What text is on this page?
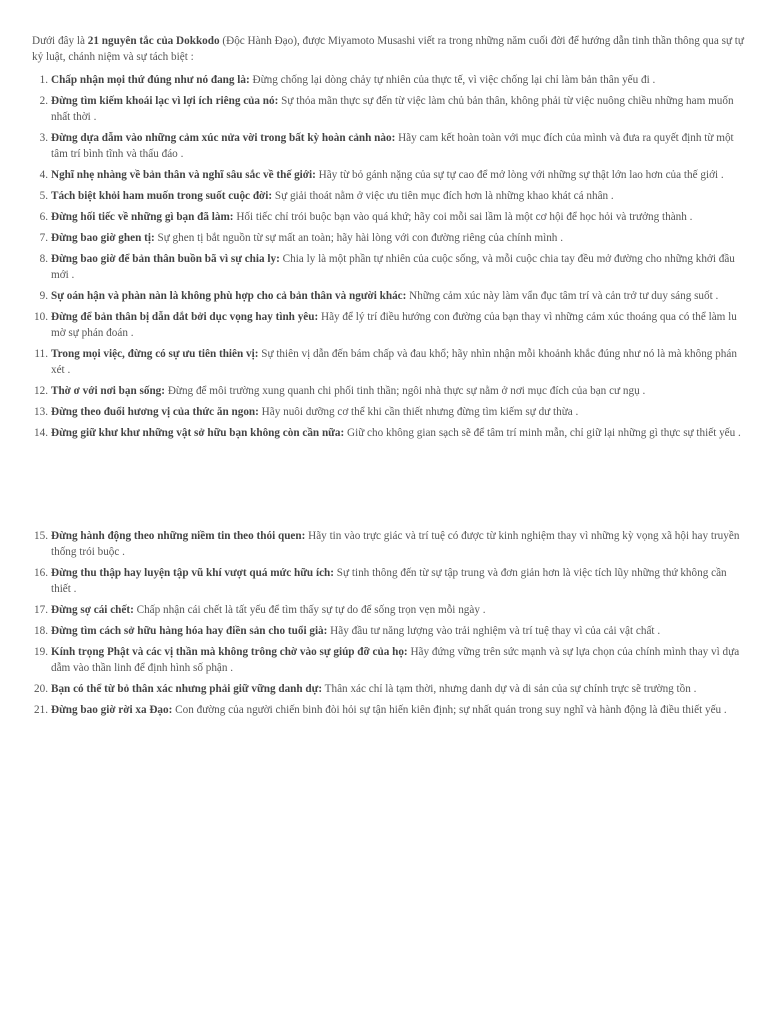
Dưới đây là 21 nguyên tắc của Dokkodo (Độc Hành Đạo), được Miyamoto Musashi viết ra trong những năm cuối đời để hướng dẫn tinh thần thông qua sự tự kỷ luật, chánh niệm và sự tách biệt :

1. Chấp nhận mọi thứ đúng như nó đang là: Đừng chống lại dòng chảy tự nhiên của thực tế, vì việc chống lại chỉ làm bản thân yếu đi .
2. Đừng tìm kiếm khoái lạc vì lợi ích riêng của nó: Sự thỏa mãn thực sự đến từ việc làm chủ bản thân, không phải từ việc nuông chiều những ham muốn nhất thời .
3. Đừng dựa dẫm vào những cảm xúc nửa vời trong bất kỳ hoàn cảnh nào: Hãy cam kết hoàn toàn với mục đích của mình và đưa ra quyết định từ một tâm trí bình tĩnh và thấu đáo .
4. Nghĩ nhẹ nhàng về bản thân và nghĩ sâu sắc về thế giới: Hãy từ bỏ gánh nặng của sự tự cao để mở lòng với những sự thật lớn lao hơn của thế giới .
5. Tách biệt khỏi ham muốn trong suốt cuộc đời: Sự giải thoát nằm ở việc ưu tiên mục đích hơn là những khao khát cá nhân .
6. Đừng hối tiếc về những gì bạn đã làm: Hối tiếc chỉ trói buộc bạn vào quá khứ; hãy coi mỗi sai lầm là một cơ hội để học hỏi và trưởng thành .
7. Đừng bao giờ ghen tị: Sự ghen tị bắt nguồn từ sự mất an toàn; hãy hài lòng với con đường riêng của chính mình .
8. Đừng bao giờ để bản thân buồn bã vì sự chia ly: Chia ly là một phần tự nhiên của cuộc sống, và mỗi cuộc chia tay đều mở đường cho những khởi đầu mới .
9. Sự oán hận và phàn nàn là không phù hợp cho cả bản thân và người khác: Những cảm xúc này làm vẩn đục tâm trí và cản trở tư duy sáng suốt .
10. Đừng để bản thân bị dẫn dắt bởi dục vọng hay tình yêu: Hãy để lý trí điều hướng con đường của bạn thay vì những cảm xúc thoáng qua có thể làm lu mờ sự phán đoán .
11. Trong mọi việc, đừng có sự ưu tiên thiên vị: Sự thiên vị dẫn đến bám chấp và đau khổ; hãy nhìn nhận mỗi khoảnh khắc đúng như nó là mà không phán xét .
12. Thờ ơ với nơi bạn sống: Đừng để môi trường xung quanh chi phối tinh thần; ngôi nhà thực sự nằm ở nơi mục đích của bạn cư ngụ .
13. Đừng theo đuổi hương vị của thức ăn ngon: Hãy nuôi dưỡng cơ thể khi cần thiết nhưng đừng tìm kiếm sự dư thừa .
14. Đừng giữ khư khư những vật sở hữu bạn không còn cần nữa: Giữ cho không gian sạch sẽ để tâm trí minh mẫn, chỉ giữ lại những gì thực sự thiết yếu .
15. Đừng hành động theo những niềm tin theo thói quen: Hãy tin vào trực giác và trí tuệ có được từ kinh nghiệm thay vì những kỳ vọng xã hội hay truyền thống trói buộc .
16. Đừng thu thập hay luyện tập vũ khí vượt quá mức hữu ích: Sự tinh thông đến từ sự tập trung và đơn giản hơn là việc tích lũy những thứ không cần thiết .
17. Đừng sợ cái chết: Chấp nhận cái chết là tất yếu để tìm thấy sự tự do để sống trọn vẹn mỗi ngày .
18. Đừng tìm cách sở hữu hàng hóa hay điền sản cho tuổi già: Hãy đầu tư năng lượng vào trải nghiệm và trí tuệ thay vì của cải vật chất .
19. Kính trọng Phật và các vị thần mà không trông chờ vào sự giúp đỡ của họ: Hãy đứng vững trên sức mạnh và sự lựa chọn của chính mình thay vì dựa dẫm vào thần linh để định hình số phận .
20. Bạn có thể từ bỏ thân xác nhưng phải giữ vững danh dự: Thân xác chỉ là tạm thời, nhưng danh dự và di sản của sự chính trực sẽ trường tồn .
21. Đừng bao giờ rời xa Đạo: Con đường của người chiến binh đòi hỏi sự tận hiến kiên định; sự nhất quán trong suy nghĩ và hành động là điều thiết yếu .
